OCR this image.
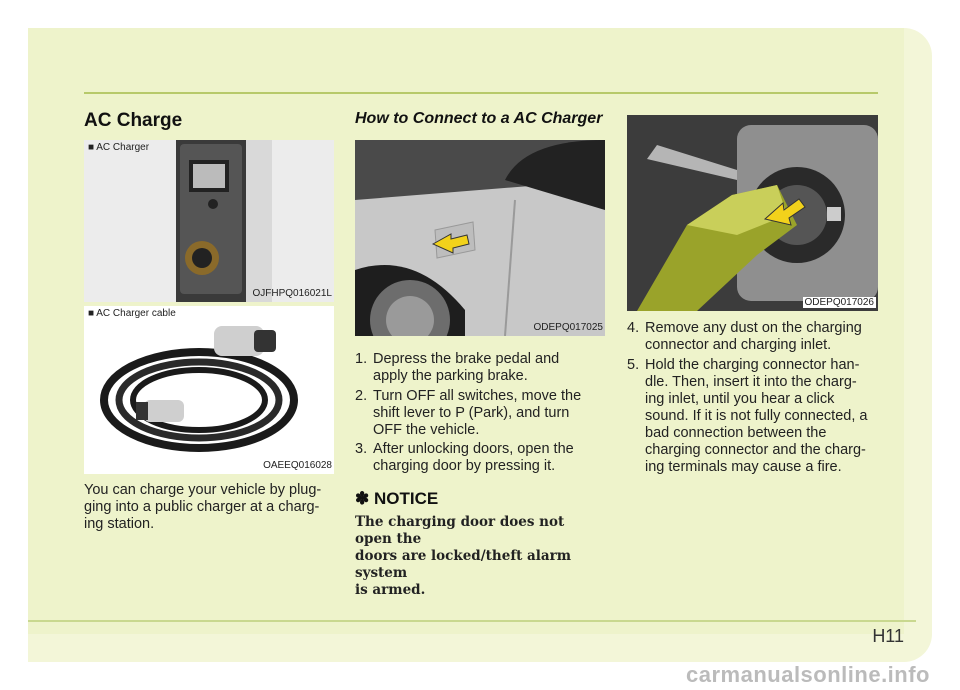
H11
AC Charge
■ AC Charger
OJFHPQ016021L
■ AC Charger cable
OAEEQ016028
You can charge your vehicle by plug-
ging into a public charger at a charg-
ing station.
How to Connect to a AC Charger
ODEPQ017025
1. Depress the brake pedal and
apply the parking brake.
2. Turn OFF all switches, move the
shift lever to P (Park), and turn
OFF the vehicle.
3. After unlocking doors, open the
charging door by pressing it.
✽ NOTICE
The charging door does not open the
doors are locked/theft alarm system
is armed.
ODEPQ017026
4. Remove any dust on the charging
connector and charging inlet.
5. Hold the charging connector han-
dle. Then, insert it into the charg-
ing inlet, until you hear a click
sound. If it is not fully connected, a
bad connection between the
charging connector and the charg-
ing terminals may cause a fire.
carmanualsonline.info
